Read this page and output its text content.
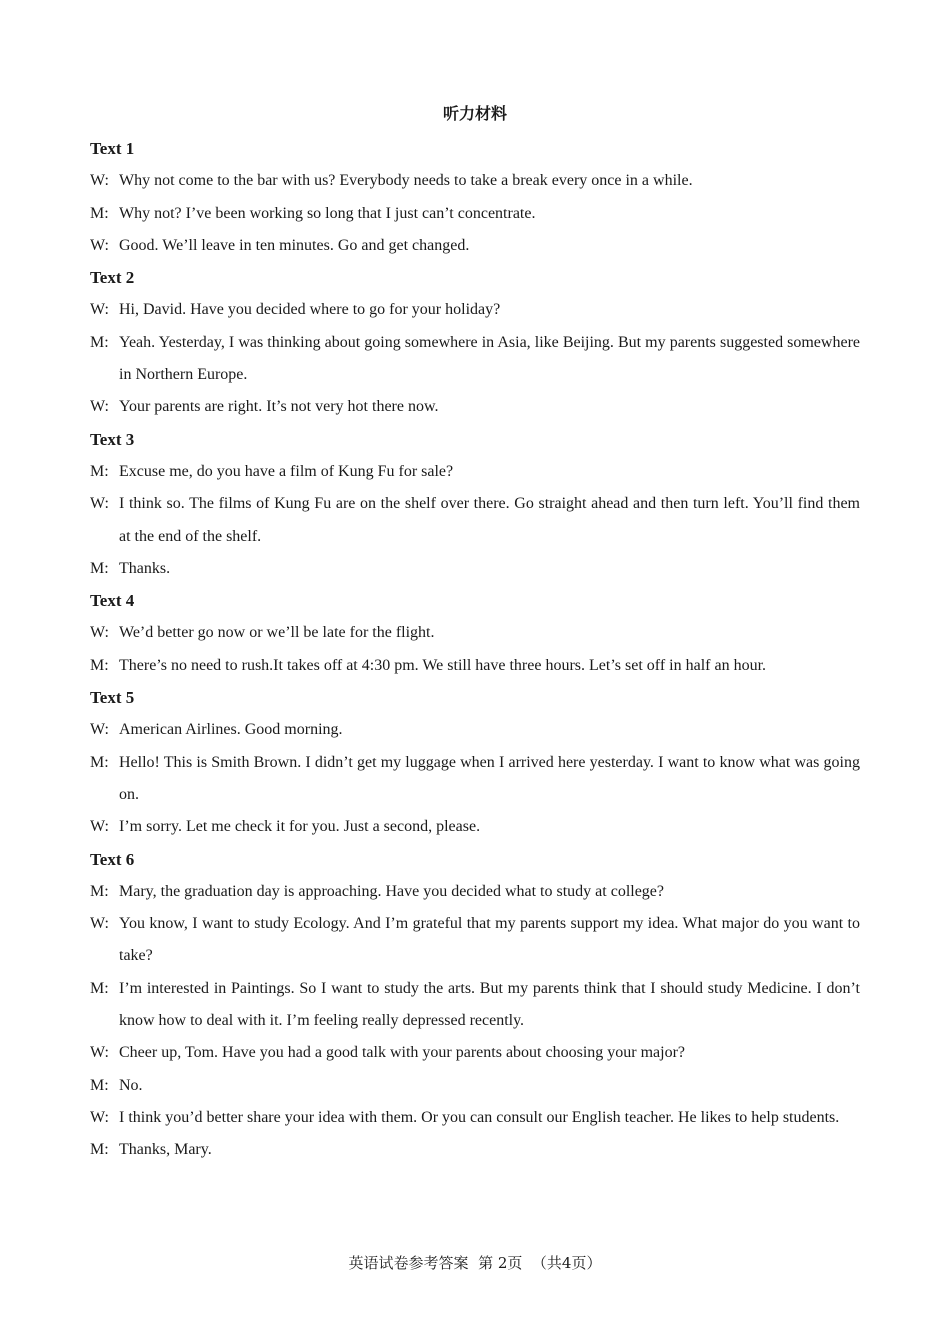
听力材料
Text 1
W: Why not come to the bar with us? Everybody needs to take a break every once in a while.
M: Why not? I’ve been working so long that I just can’t concentrate.
W: Good. We’ll leave in ten minutes. Go and get changed.
Text 2
W: Hi, David. Have you decided where to go for your holiday?
M: Yeah. Yesterday, I was thinking about going somewhere in Asia, like Beijing. But my parents suggested somewhere in Northern Europe.
W: Your parents are right. It’s not very hot there now.
Text 3
M: Excuse me, do you have a film of Kung Fu for sale?
W: I think so. The films of Kung Fu are on the shelf over there. Go straight ahead and then turn left. You’ll find them at the end of the shelf.
M: Thanks.
Text 4
W: We’d better go now or we’ll be late for the flight.
M: There’s no need to rush.It takes off at 4:30 pm. We still have three hours. Let’s set off in half an hour.
Text 5
W: American Airlines. Good morning.
M: Hello! This is Smith Brown. I didn’t get my luggage when I arrived here yesterday. I want to know what was going on.
W: I’m sorry. Let me check it for you. Just a second, please.
Text 6
M: Mary, the graduation day is approaching. Have you decided what to study at college?
W: You know, I want to study Ecology. And I’m grateful that my parents support my idea. What major do you want to take?
M: I’m interested in Paintings. So I want to study the arts. But my parents think that I should study Medicine. I don’t know how to deal with it. I’m feeling really depressed recently.
W: Cheer up, Tom. Have you had a good talk with your parents about choosing your major?
M: No.
W: I think you’d better share your idea with them. Or you can consult our English teacher. He likes to help students.
M: Thanks, Mary.
英语试卷参考答案  第 2页  （共4页）
